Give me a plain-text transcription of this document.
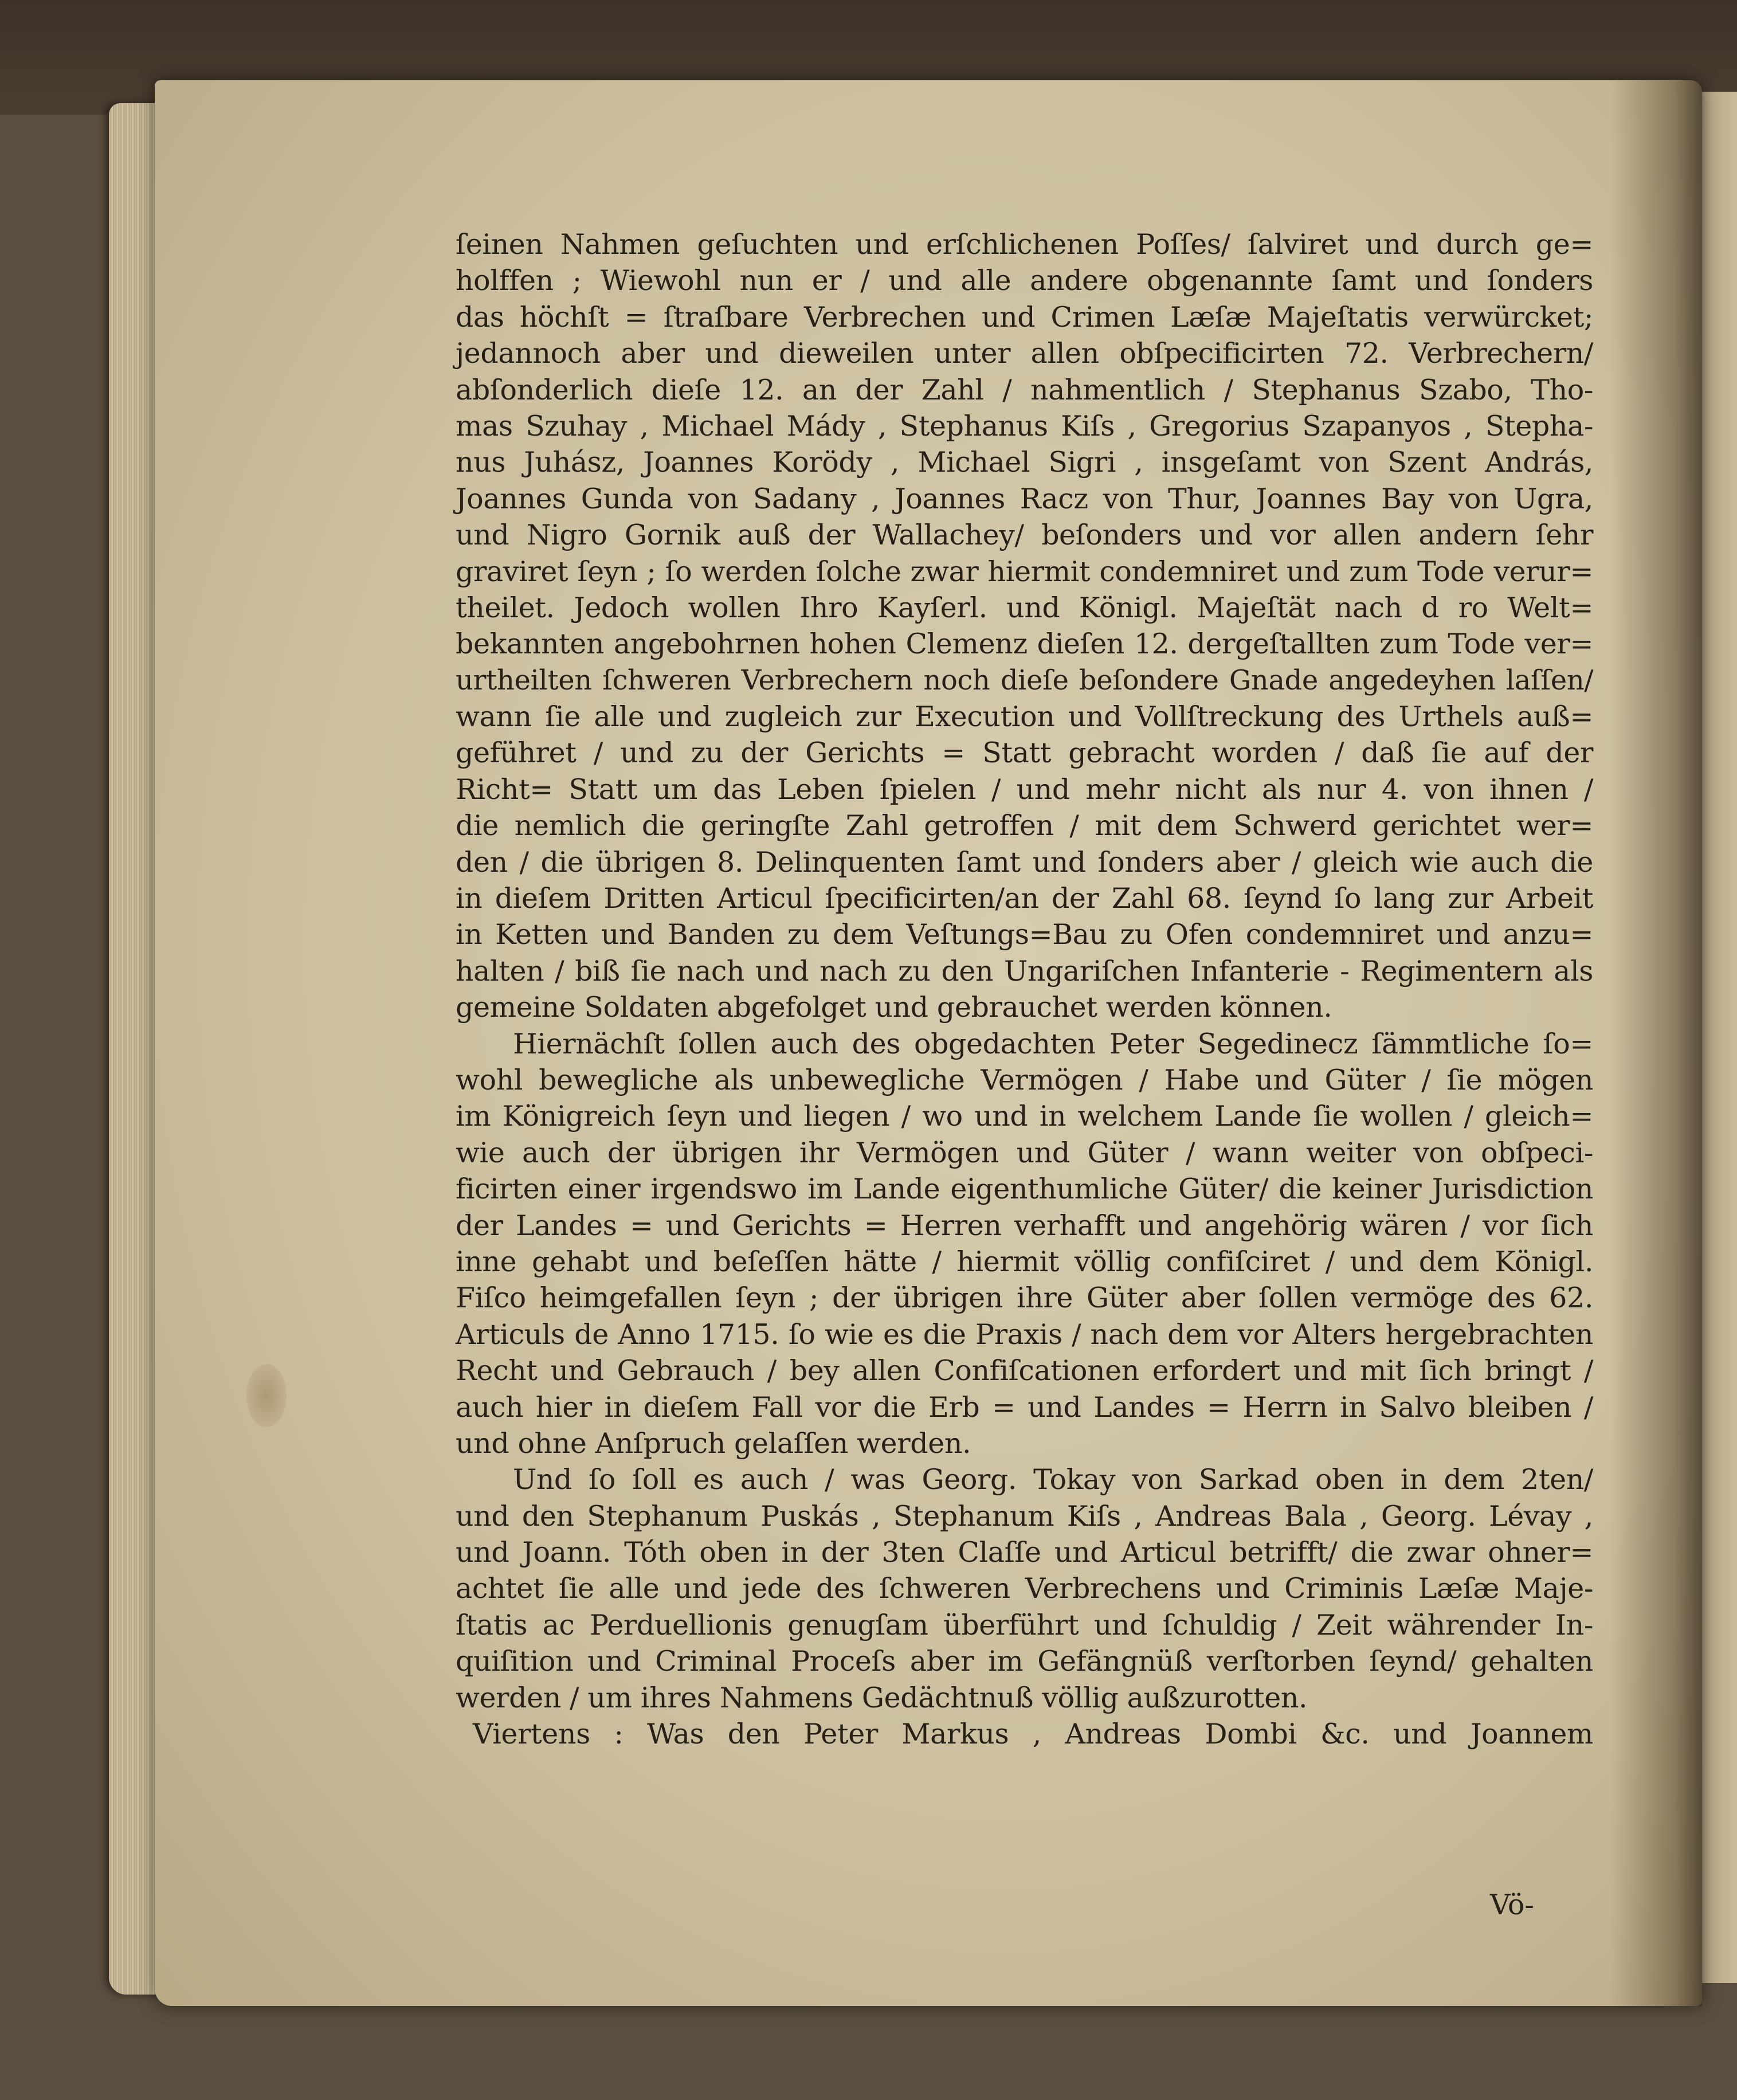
ſeinen Nahmen geſuchten und erſchlichenen Poſſes/ ſalviret und durch ge=
holffen ; Wiewohl nun er / und alle andere obgenannte ſamt und ſonders
das höchſt = ſtraſbare Verbrechen und Crimen Læſæ Majeſtatis verwürcket;
jedannoch aber und dieweilen unter allen obſpecificirten 72. Verbrechern/
abſonderlich dieſe 12. an der Zahl / nahmentlich / Stephanus Szabo, Tho-
mas Szuhay , Michael Mády , Stephanus Kiſs , Gregorius Szapanyos , Stepha-
nus Juhász, Joannes Korödy , Michael Sigri , insgeſamt von Szent András,
Joannes Gunda von Sadany , Joannes Racz von Thur, Joannes Bay von Ugra,
und Nigro Gornik auß der Wallachey/ beſonders und vor allen andern ſehr
graviret ſeyn ; ſo werden ſolche zwar hiermit condemniret und zum Tode verur=
theilet. Jedoch wollen Ihro Kayſerl. und Königl. Majeſtät nach d ro Welt=
bekannten angebohrnen hohen Clemenz dieſen 12. dergeſtallten zum Tode ver=
urtheilten ſchweren Verbrechern noch dieſe beſondere Gnade angedeyhen laſſen/
wann ſie alle und zugleich zur Execution und Vollſtreckung des Urthels auß=
geführet / und zu der Gerichts = Statt gebracht worden / daß ſie auf der
Richt= Statt um das Leben ſpielen / und mehr nicht als nur 4. von ihnen /
die nemlich die geringſte Zahl getroffen / mit dem Schwerd gerichtet wer=
den / die übrigen 8. Delinquenten ſamt und ſonders aber / gleich wie auch die
in dieſem Dritten Articul ſpecificirten/an der Zahl 68. ſeynd ſo lang zur Arbeit
in Ketten und Banden zu dem Veſtungs=Bau zu Ofen condemniret und anzu=
halten / biß ſie nach und nach zu den Ungariſchen Infanterie - Regimentern als
gemeine Soldaten abgefolget und gebrauchet werden können.
Hiernächſt ſollen auch des obgedachten Peter Segedinecz ſämmtliche ſo=
wohl bewegliche als unbewegliche Vermögen / Habe und Güter / ſie mögen
im Königreich ſeyn und liegen / wo und in welchem Lande ſie wollen / gleich=
wie auch der übrigen ihr Vermögen und Güter / wann weiter von obſpeci-
ficirten einer irgendswo im Lande eigenthumliche Güter/ die keiner Jurisdiction
der Landes = und Gerichts = Herren verhafft und angehörig wären / vor ſich
inne gehabt und beſeſſen hätte / hiermit völlig confiſciret / und dem Königl.
Fiſco heimgefallen ſeyn ; der übrigen ihre Güter aber ſollen vermöge des 62.
Articuls de Anno 1715. ſo wie es die Praxis / nach dem vor Alters hergebrachten
Recht und Gebrauch / bey allen Confiſcationen erfordert und mit ſich bringt /
auch hier in dieſem Fall vor die Erb = und Landes = Herrn in Salvo bleiben /
und ohne Anſpruch gelaſſen werden.
Und ſo ſoll es auch / was Georg. Tokay von Sarkad oben in dem 2ten/
und den Stephanum Puskás , Stephanum Kiſs , Andreas Bala , Georg. Lévay ,
und Joann. Tóth oben in der 3ten Claſſe und Articul betrifft/ die zwar ohner=
achtet ſie alle und jede des ſchweren Verbrechens und Criminis Læſæ Maje-
ſtatis ac Perduellionis genugſam überführt und ſchuldig / Zeit währender In-
quiſition und Criminal Proceſs aber im Gefängnüß verſtorben ſeynd/ gehalten
werden / um ihres Nahmens Gedächtnuß völlig außzurotten.
Viertens : Was den Peter Markus , Andreas Dombi &c. und Joannem
Vö-
